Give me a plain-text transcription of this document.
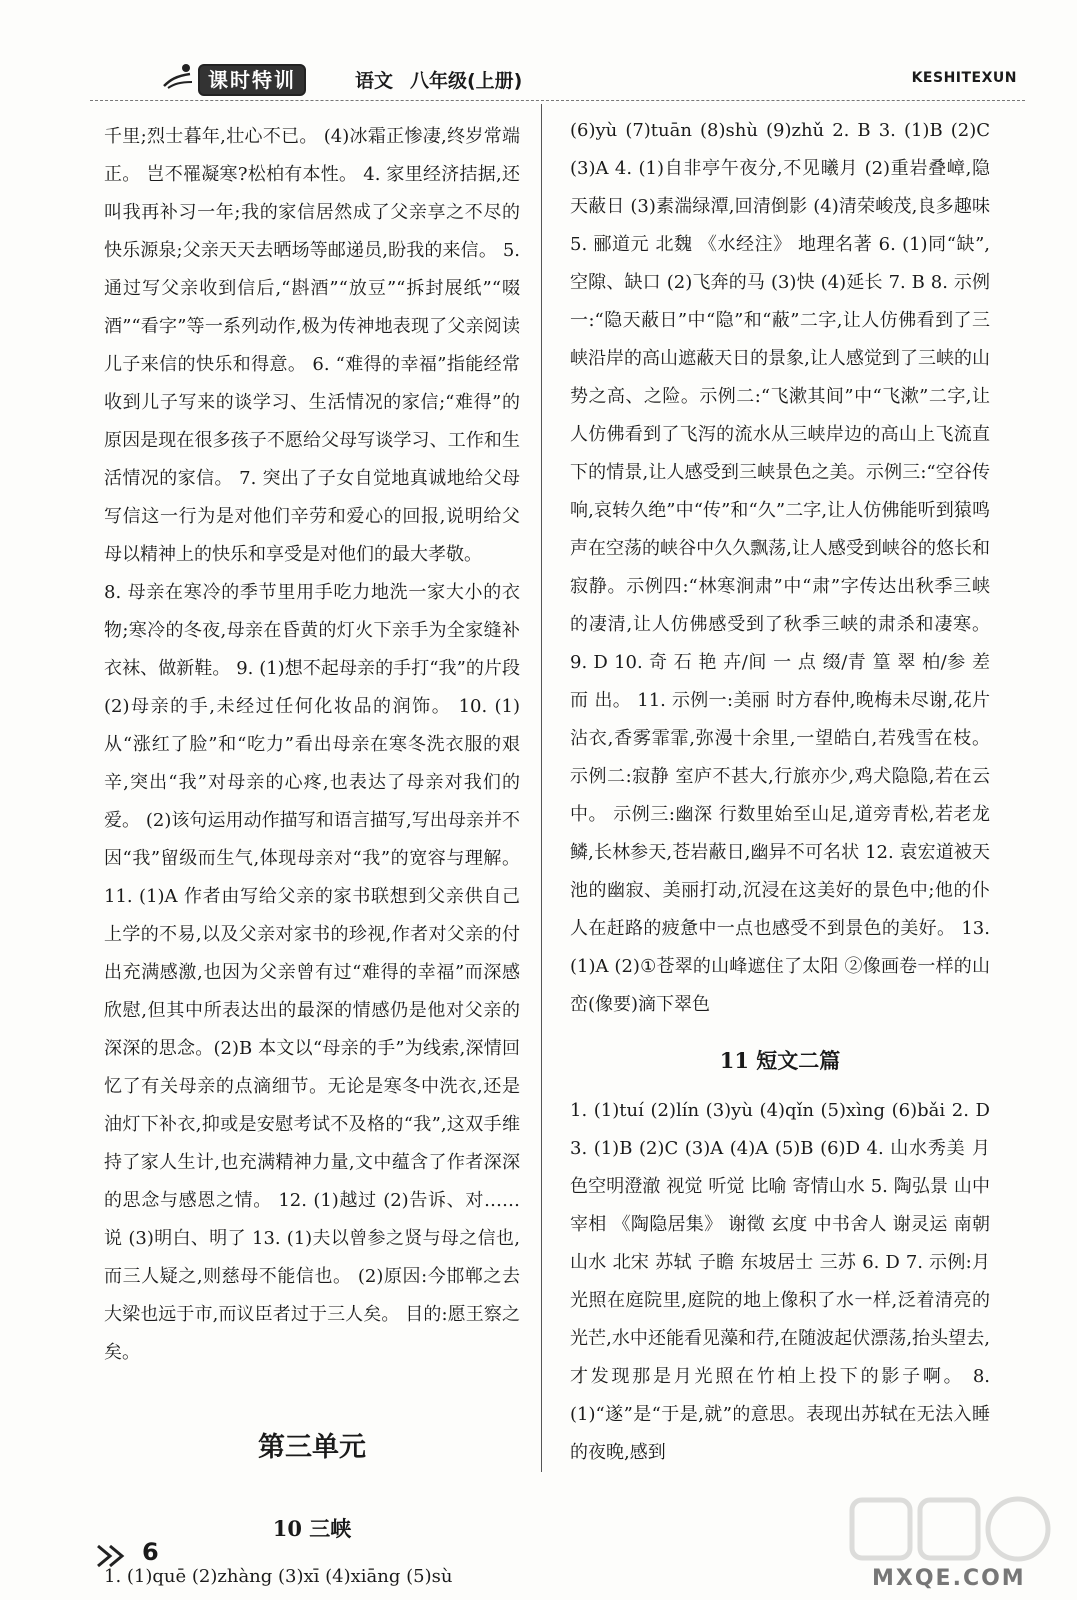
课时特训	语文 八年级(上册)	KESHITEXUN

千里;烈士暮年,壮心不已。 (4)冰霜正惨凄,终岁常端正。 岂不罹凝寒?松柏有本性。 4. 家里经济拮据,还叫我再补习一年;我的家信居然成了父亲享之不尽的快乐源泉;父亲天天去晒场等邮递员,盼我的来信。 5. 通过写父亲收到信后,“斟酒”“放豆”“拆封展纸”“啜酒”“看字”等一系列动作,极为传神地表现了父亲阅读儿子来信的快乐和得意。 6. “难得的幸福”指能经常收到儿子写来的谈学习、生活情况的家信;“难得”的原因是现在很多孩子不愿给父母写谈学习、工作和生活情况的家信。 7. 突出了子女自觉地真诚地给父母写信这一行为是对他们辛劳和爱心的回报,说明给父母以精神上的快乐和享受是对他们的最大孝敬。

8. 母亲在寒冷的季节里用手吃力地洗一家大小的衣物;寒冷的冬夜,母亲在昏黄的灯火下亲手为全家缝补衣袜、做新鞋。 9. (1)想不起母亲的手打“我”的片段 (2)母亲的手,未经过任何化妆品的润饰。 10. (1)从“涨红了脸”和“吃力”看出母亲在寒冬洗衣服的艰辛,突出“我”对母亲的心疼,也表达了母亲对我们的爱。 (2)该句运用动作描写和语言描写,写出母亲并不因“我”留级而生气,体现母亲对“我”的宽容与理解。 11. (1)A 作者由写给父亲的家书联想到父亲供自己上学的不易,以及父亲对家书的珍视,作者对父亲的付出充满感激,也因为父亲曾有过“难得的幸福”而深感欣慰,但其中所表达出的最深的情感仍是他对父亲的深深的思念。(2)B 本文以“母亲的手”为线索,深情回忆了有关母亲的点滴细节。无论是寒冬中洗衣,还是油灯下补衣,抑或是安慰考试不及格的“我”,这双手维持了家人生计,也充满精神力量,文中蕴含了作者深深的思念与感恩之情。 12. (1)越过 (2)告诉、对……说 (3)明白、明了 13. (1)夫以曾参之贤与母之信也,而三人疑之,则慈母不能信也。 (2)原因:今邯郸之去大梁也远于市,而议臣者过于三人矣。 目的:愿王察之矣。

第三单元

10 三峡

1. (1)quē (2)zhàng (3)xī (4)xiāng (5)sù

(6)yù (7)tuān (8)shù (9)zhǔ 2. B 3. (1)B (2)C (3)A 4. (1)自非亭午夜分,不见曦月 (2)重岩叠嶂,隐天蔽日 (3)素湍绿潭,回清倒影 (4)清荣峻茂,良多趣味 5. 郦道元 北魏 《水经注》 地理名著 6. (1)同“缺”,空隙、缺口 (2)飞奔的马 (3)快 (4)延长 7. B 8. 示例一:“隐天蔽日”中“隐”和“蔽”二字,让人仿佛看到了三峡沿岸的高山遮蔽天日的景象,让人感觉到了三峡的山势之高、之险。示例二:“飞漱其间”中“飞漱”二字,让人仿佛看到了飞泻的流水从三峡岸边的高山上飞流直下的情景,让人感受到三峡景色之美。示例三:“空谷传响,哀转久绝”中“传”和“久”二字,让人仿佛能听到猿鸣声在空荡的峡谷中久久飘荡,让人感受到峡谷的悠长和寂静。示例四:“林寒涧肃”中“肃”字传达出秋季三峡的凄清,让人仿佛感受到了秋季三峡的肃杀和凄寒。 9. D 10. 奇 石 艳 卉/间 一 点 缀/青 篁 翠 柏/参 差 而 出。 11. 示例一:美丽 时方春仲,晚梅未尽谢,花片沾衣,香雾霏霏,弥漫十余里,一望皓白,若残雪在枝。 示例二:寂静 室庐不甚大,行旅亦少,鸡犬隐隐,若在云中。 示例三:幽深 行数里始至山足,道旁青松,若老龙鳞,长林参天,苍岩蔽日,幽异不可名状 12. 袁宏道被天池的幽寂、美丽打动,沉浸在这美好的景色中;他的仆人在赶路的疲惫中一点也感受不到景色的美好。 13. (1)A (2)①苍翠的山峰遮住了太阳 ②像画卷一样的山峦(像要)滴下翠色

11 短文二篇

1. (1)tuí (2)lín (3)yù (4)qǐn (5)xìng (6)bǎi 2. D 3. (1)B (2)C (3)A (4)A (5)B (6)D 4. 山水秀美 月色空明澄澈 视觉 听觉 比喻 寄情山水 5. 陶弘景 山中宰相 《陶隐居集》 谢徵 玄度 中书舍人 谢灵运 南朝 山水 北宋 苏轼 子瞻 东坡居士 三苏 6. D 7. 示例:月光照在庭院里,庭院的地上像积了水一样,泛着清亮的光芒,水中还能看见藻和荇,在随波起伏漂荡,抬头望去,才发现那是月光照在竹柏上投下的影子啊。 8. (1)“遂”是“于是,就”的意思。表现出苏轼在无法入睡的夜晚,感到

6
MXQE.COM
